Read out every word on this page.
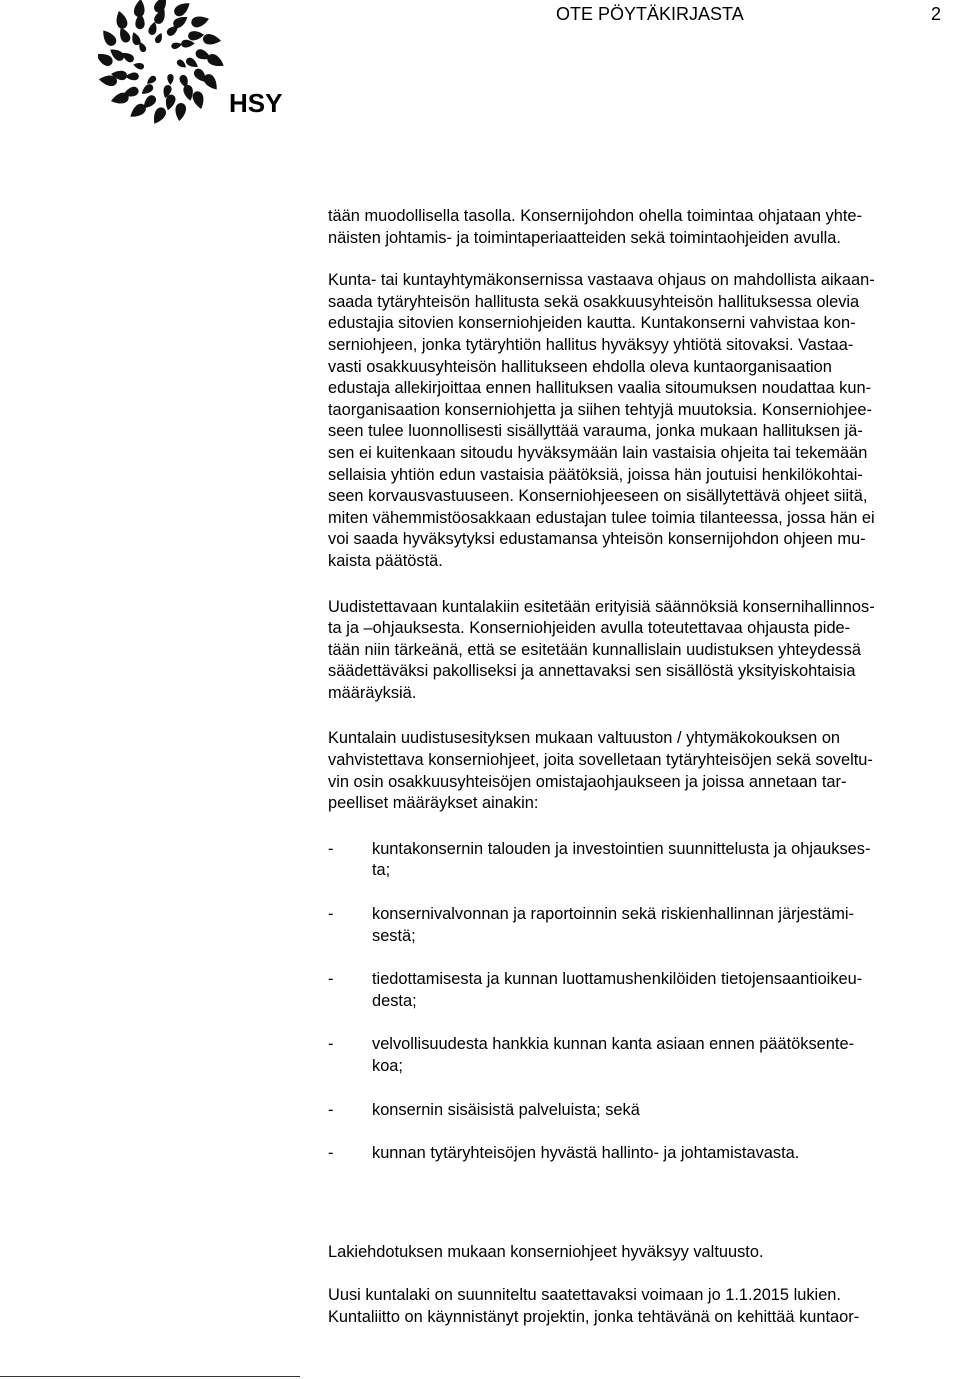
HSY
OTE PÖYTÄKIRJASTA	2

tään muodollisella tasolla. Konsernijohdon ohella toimintaa ohjataan yhte-
näisten johtamis- ja toimintaperiaatteiden sekä toimintaohjeiden avulla.

Kunta- tai kuntayhtymäkonsernissa vastaava ohjaus on mahdollista aikaan-
saada tytäryhteisön hallitusta sekä osakkuusyhteisön hallituksessa olevia
edustajia sitovien konserniohjeiden kautta. Kuntakonserni vahvistaa kon-
serniohjeen, jonka tytäryhtiön hallitus hyväksyy yhtiötä sitovaksi. Vastaa-
vasti osakkuusyhteisön hallitukseen ehdolla oleva kuntaorganisaation
edustaja allekirjoittaa ennen hallituksen vaalia sitoumuksen noudattaa kun-
taorganisaation konserniohjetta ja siihen tehtyjä muutoksia. Konserniohjee-
seen tulee luonnollisesti sisällyttää varauma, jonka mukaan hallituksen jä-
sen ei kuitenkaan sitoudu hyväksymään lain vastaisia ohjeita tai tekemään
sellaisia yhtiön edun vastaisia päätöksiä, joissa hän joutuisi henkilökohtai-
seen korvausvastuuseen. Konserniohjeeseen on sisällytettävä ohjeet siitä,
miten vähemmistöosakkaan edustajan tulee toimia tilanteessa, jossa hän ei
voi saada hyväksytyksi edustamansa yhteisön konsernijohdon ohjeen mu-
kaista päätöstä.

Uudistettavaan kuntalakiin esitetään erityisiä säännöksiä konsernihallinnos-
ta ja –ohjauksesta. Konserniohjeiden avulla toteutettavaa ohjausta pide-
tään niin tärkeänä, että se esitetään kunnallislain uudistuksen yhteydessä
säädettäväksi pakolliseksi ja annettavaksi sen sisällöstä yksityiskohtaisia
määräyksiä.

Kuntalain uudistusesityksen mukaan valtuuston / yhtymäkokouksen on
vahvistettava konserniohjeet, joita sovelletaan tytäryhteisöjen sekä soveltu-
vin osin osakkuusyhteisöjen omistajaohjaukseen ja joissa annetaan tar-
peelliset määräykset ainakin:

- kuntakonsernin talouden ja investointien suunnittelusta ja ohjaukses-
ta;
- konsernivalvonnan ja raportoinnin sekä riskienhallinnan järjestämi-
sestä;
- tiedottamisesta ja kunnan luottamushenkilöiden tietojensaantioikeu-
desta;
- velvollisuudesta hankkia kunnan kanta asiaan ennen päätöksente-
koa;
- konsernin sisäisistä palveluista; sekä
- kunnan tytäryhteisöjen hyvästä hallinto- ja johtamistavasta.

Lakiehdotuksen mukaan konserniohjeet hyväksyy valtuusto.

Uusi kuntalaki on suunniteltu saatettavaksi voimaan jo 1.1.2015 lukien.
Kuntaliitto on käynnistänyt projektin, jonka tehtävänä on kehittää kuntaor-
